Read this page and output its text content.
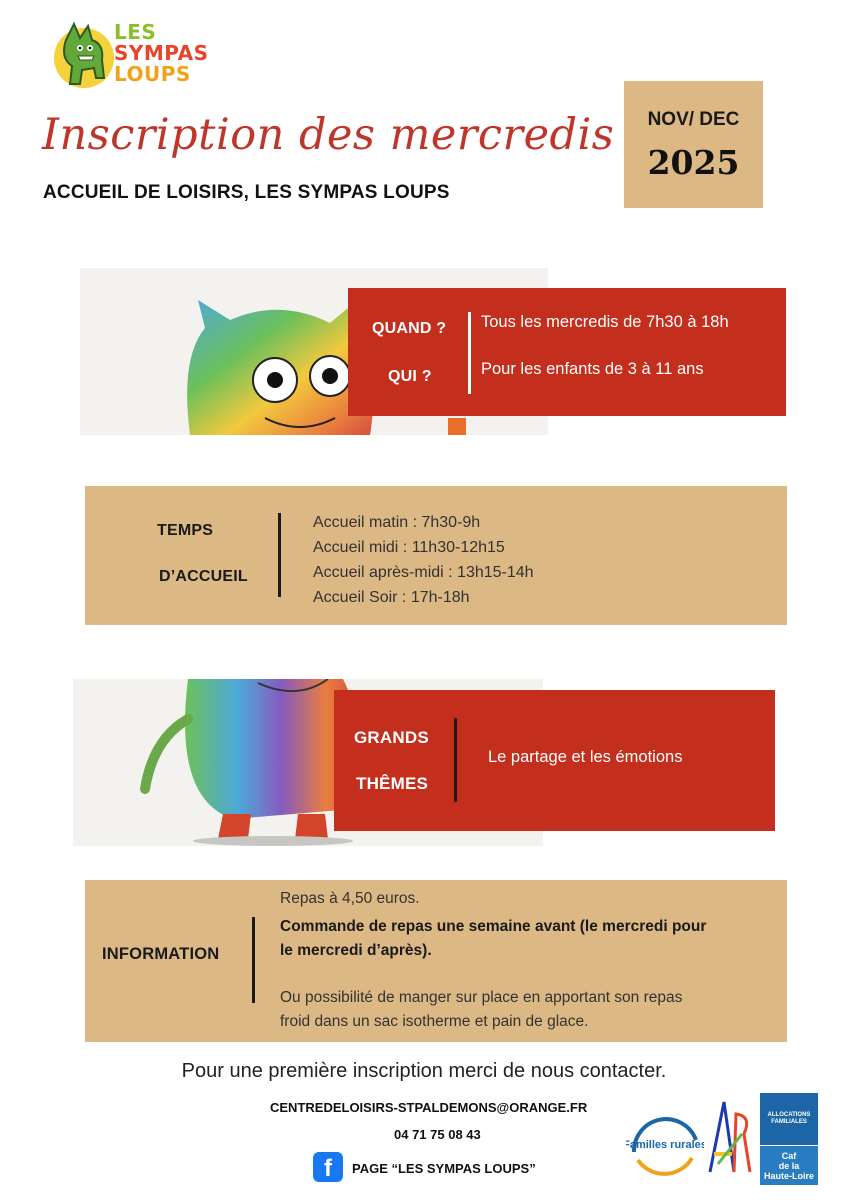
LES
SYMPAS
LOUPS
Inscription des mercredis
ACCUEIL DE LOISIRS, LES SYMPAS LOUPS
NOV/ DEC
2025
QUAND ?
QUI ?
Tous les mercredis de 7h30 à 18h
Pour les enfants de 3 à 11 ans
TEMPS
D’ACCUEIL
Accueil matin : 7h30-9h
Accueil midi : 11h30-12h15
Accueil après-midi : 13h15-14h
Accueil Soir : 17h-18h
GRANDS
THÊMES
Le partage et les émotions
INFORMATION
Repas à 4,50 euros.
Commande de repas une semaine avant (le mercredi pour
le mercredi d’après).
Ou possibilité de manger sur place en apportant son repas
froid dans un sac isotherme et pain de glace.
Pour une première inscription merci de nous contacter.
CENTREDELOISIRS-STPALDEMONS@ORANGE.FR
04 71 75 08 43
f	PAGE “LES SYMPAS LOUPS”
Familles rurales
ALLOCATIONS FAMILIALES
Caf
de la
Haute-Loire
